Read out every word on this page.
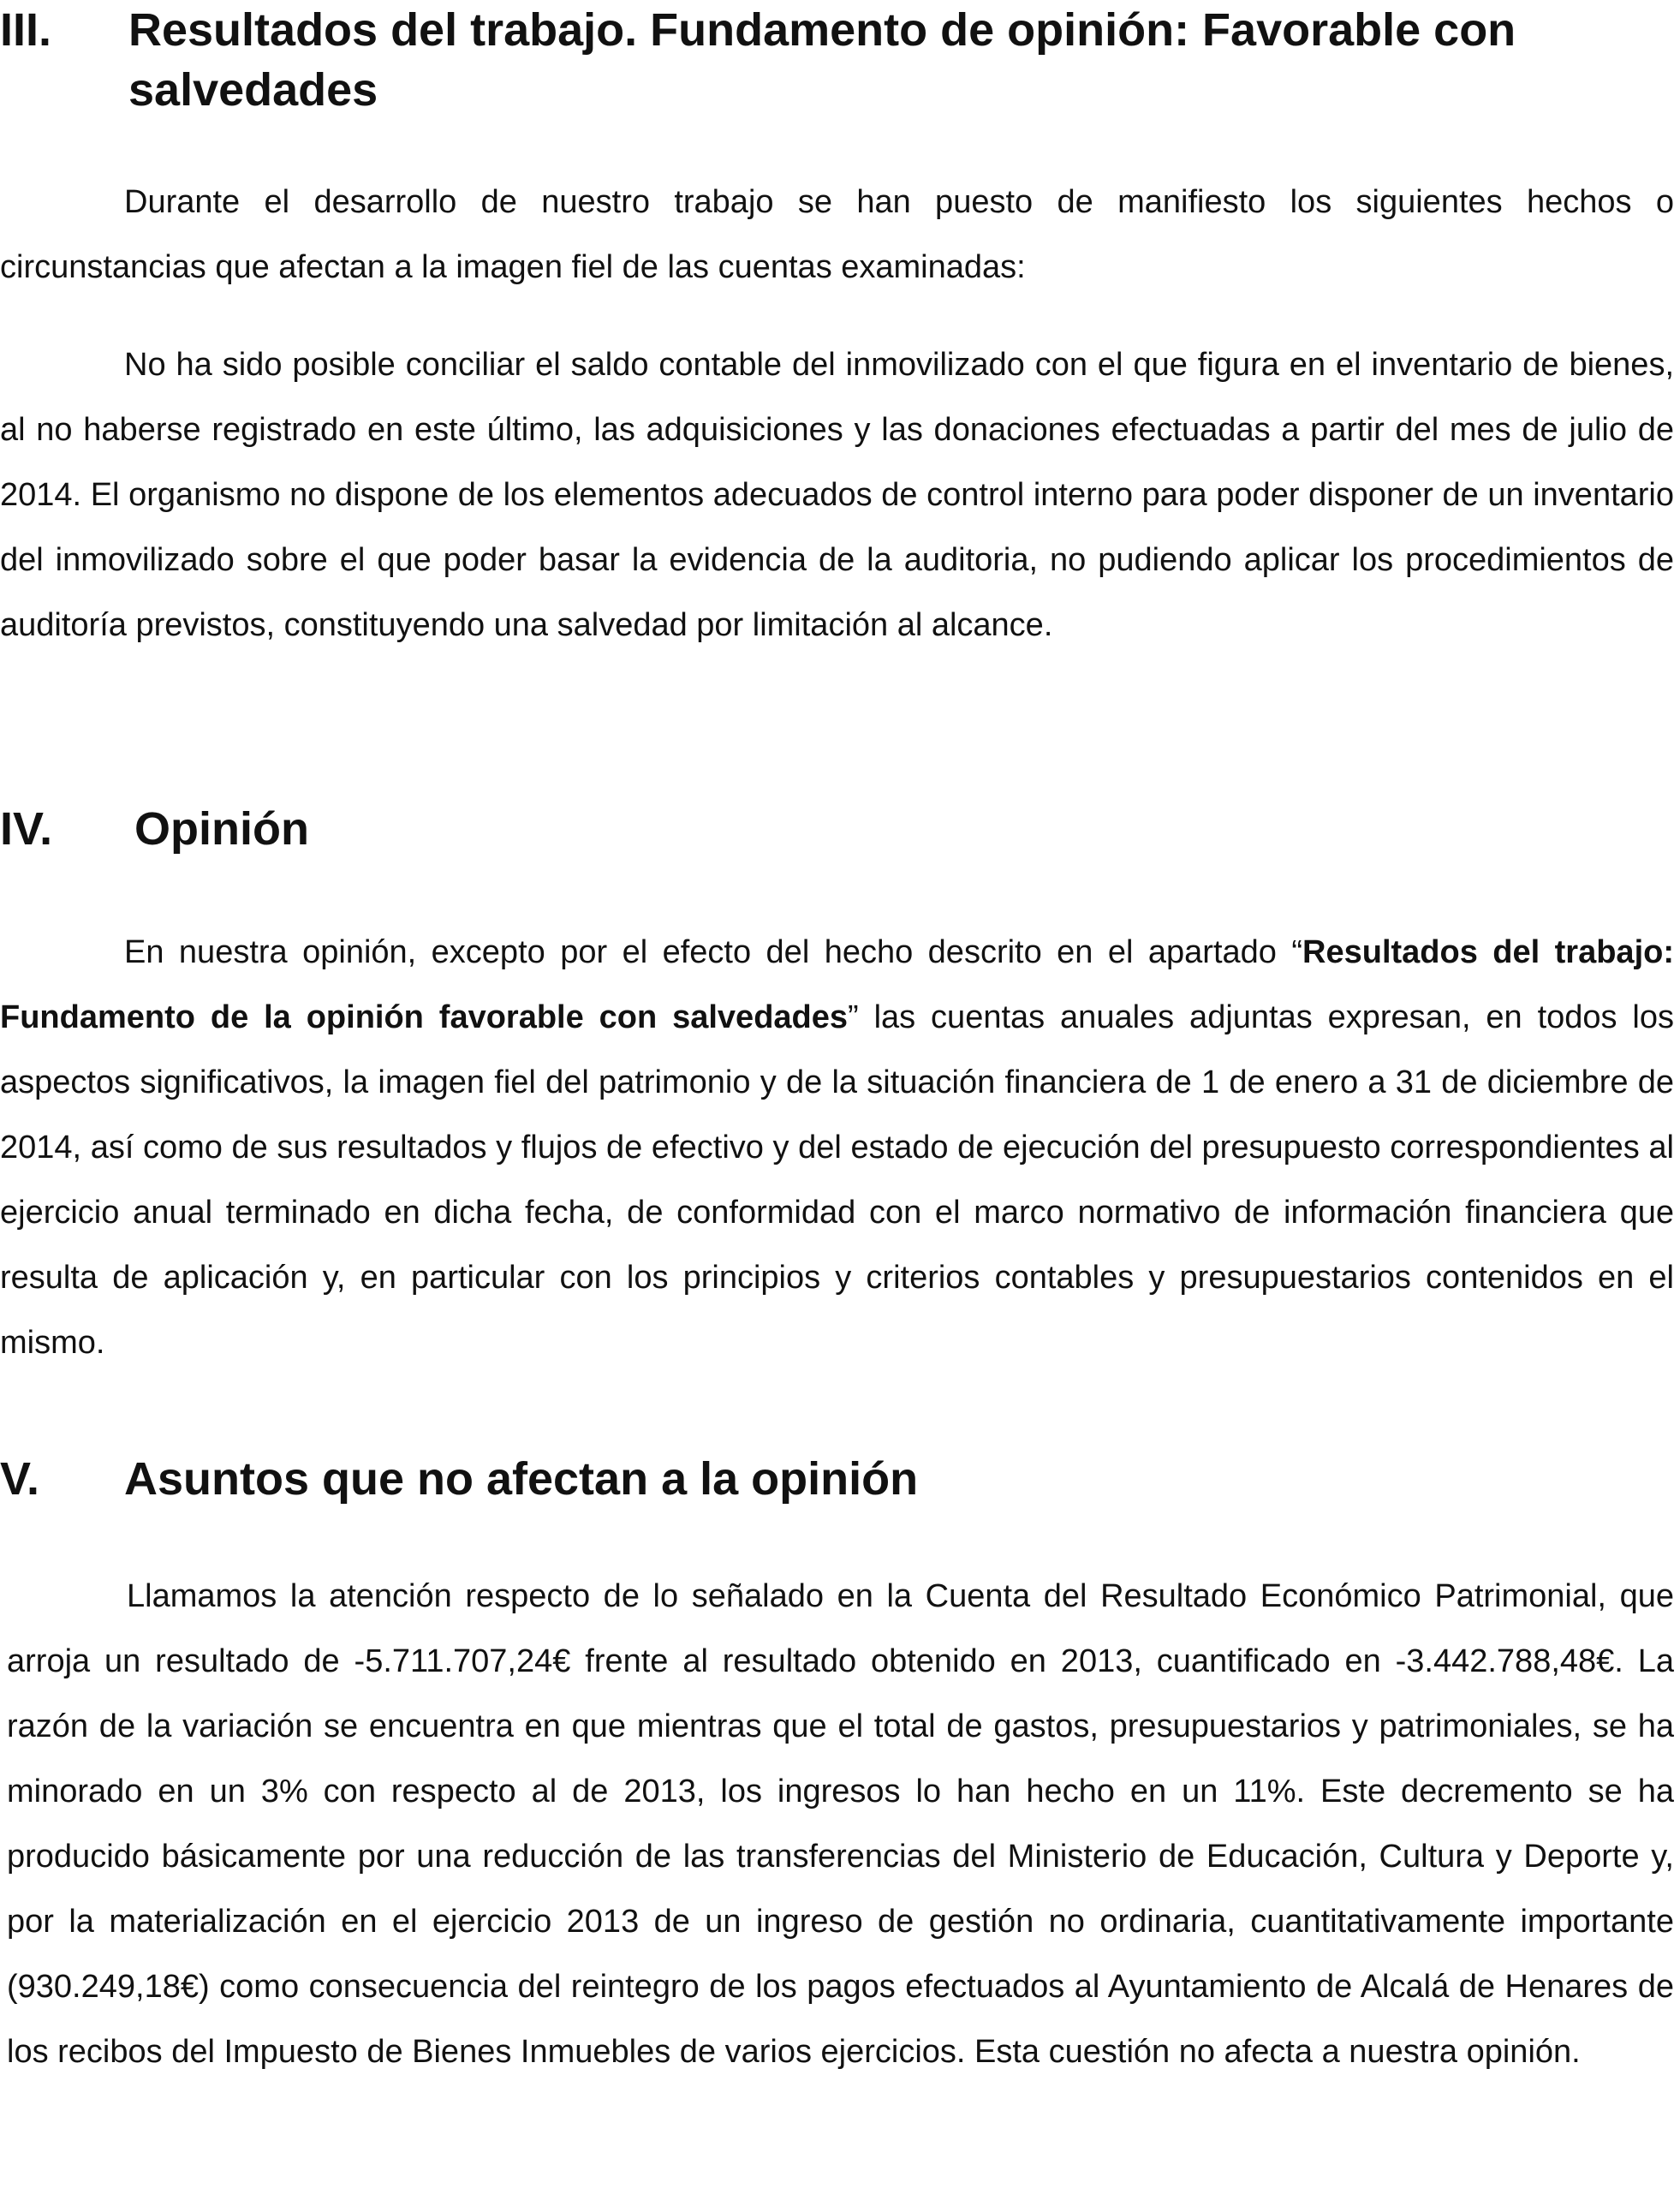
III. Resultados del trabajo. Fundamento de opinión: Favorable con salvedades

Durante el desarrollo de nuestro trabajo se han puesto de manifiesto los siguientes hechos o circunstancias que afectan a la imagen fiel de las cuentas examinadas:

No ha sido posible conciliar el saldo contable del inmovilizado con el que figura en el inventario de bienes, al no haberse registrado en este último, las adquisiciones y las donaciones efectuadas a partir del mes de julio de 2014. El organismo no dispone de los elementos adecuados de control interno para poder disponer de un inventario del inmovilizado sobre el que poder basar la evidencia de la auditoria, no pudiendo aplicar los procedimientos de auditoría previstos, constituyendo una salvedad por limitación al alcance.

IV. Opinión

En nuestra opinión, excepto por el efecto del hecho descrito en el apartado “Resultados del trabajo: Fundamento de la opinión favorable con salvedades” las cuentas anuales adjuntas expresan, en todos los aspectos significativos, la imagen fiel del patrimonio y de la situación financiera de 1 de enero a 31 de diciembre de 2014, así como de sus resultados y flujos de efectivo y del estado de ejecución del presupuesto correspondientes al ejercicio anual terminado en dicha fecha, de conformidad con el marco normativo de información financiera que resulta de aplicación y, en particular con los principios y criterios contables y presupuestarios contenidos en el mismo.

V. Asuntos que no afectan a la opinión

Llamamos la atención respecto de lo señalado en la Cuenta del Resultado Económico Patrimonial, que arroja un resultado de -5.711.707,24€ frente al resultado obtenido en 2013, cuantificado en -3.442.788,48€. La razón de la variación se encuentra en que mientras que el total de gastos, presupuestarios y patrimoniales, se ha minorado en un 3% con respecto al de 2013, los ingresos lo han hecho en un 11%. Este decremento se ha producido básicamente por una reducción de las transferencias del Ministerio de Educación, Cultura y Deporte y, por la materialización en el ejercicio 2013 de un ingreso de gestión no ordinaria, cuantitativamente importante (930.249,18€) como consecuencia del reintegro de los pagos efectuados al Ayuntamiento de Alcalá de Henares de los recibos del Impuesto de Bienes Inmuebles de varios ejercicios. Esta cuestión no afecta a nuestra opinión.
